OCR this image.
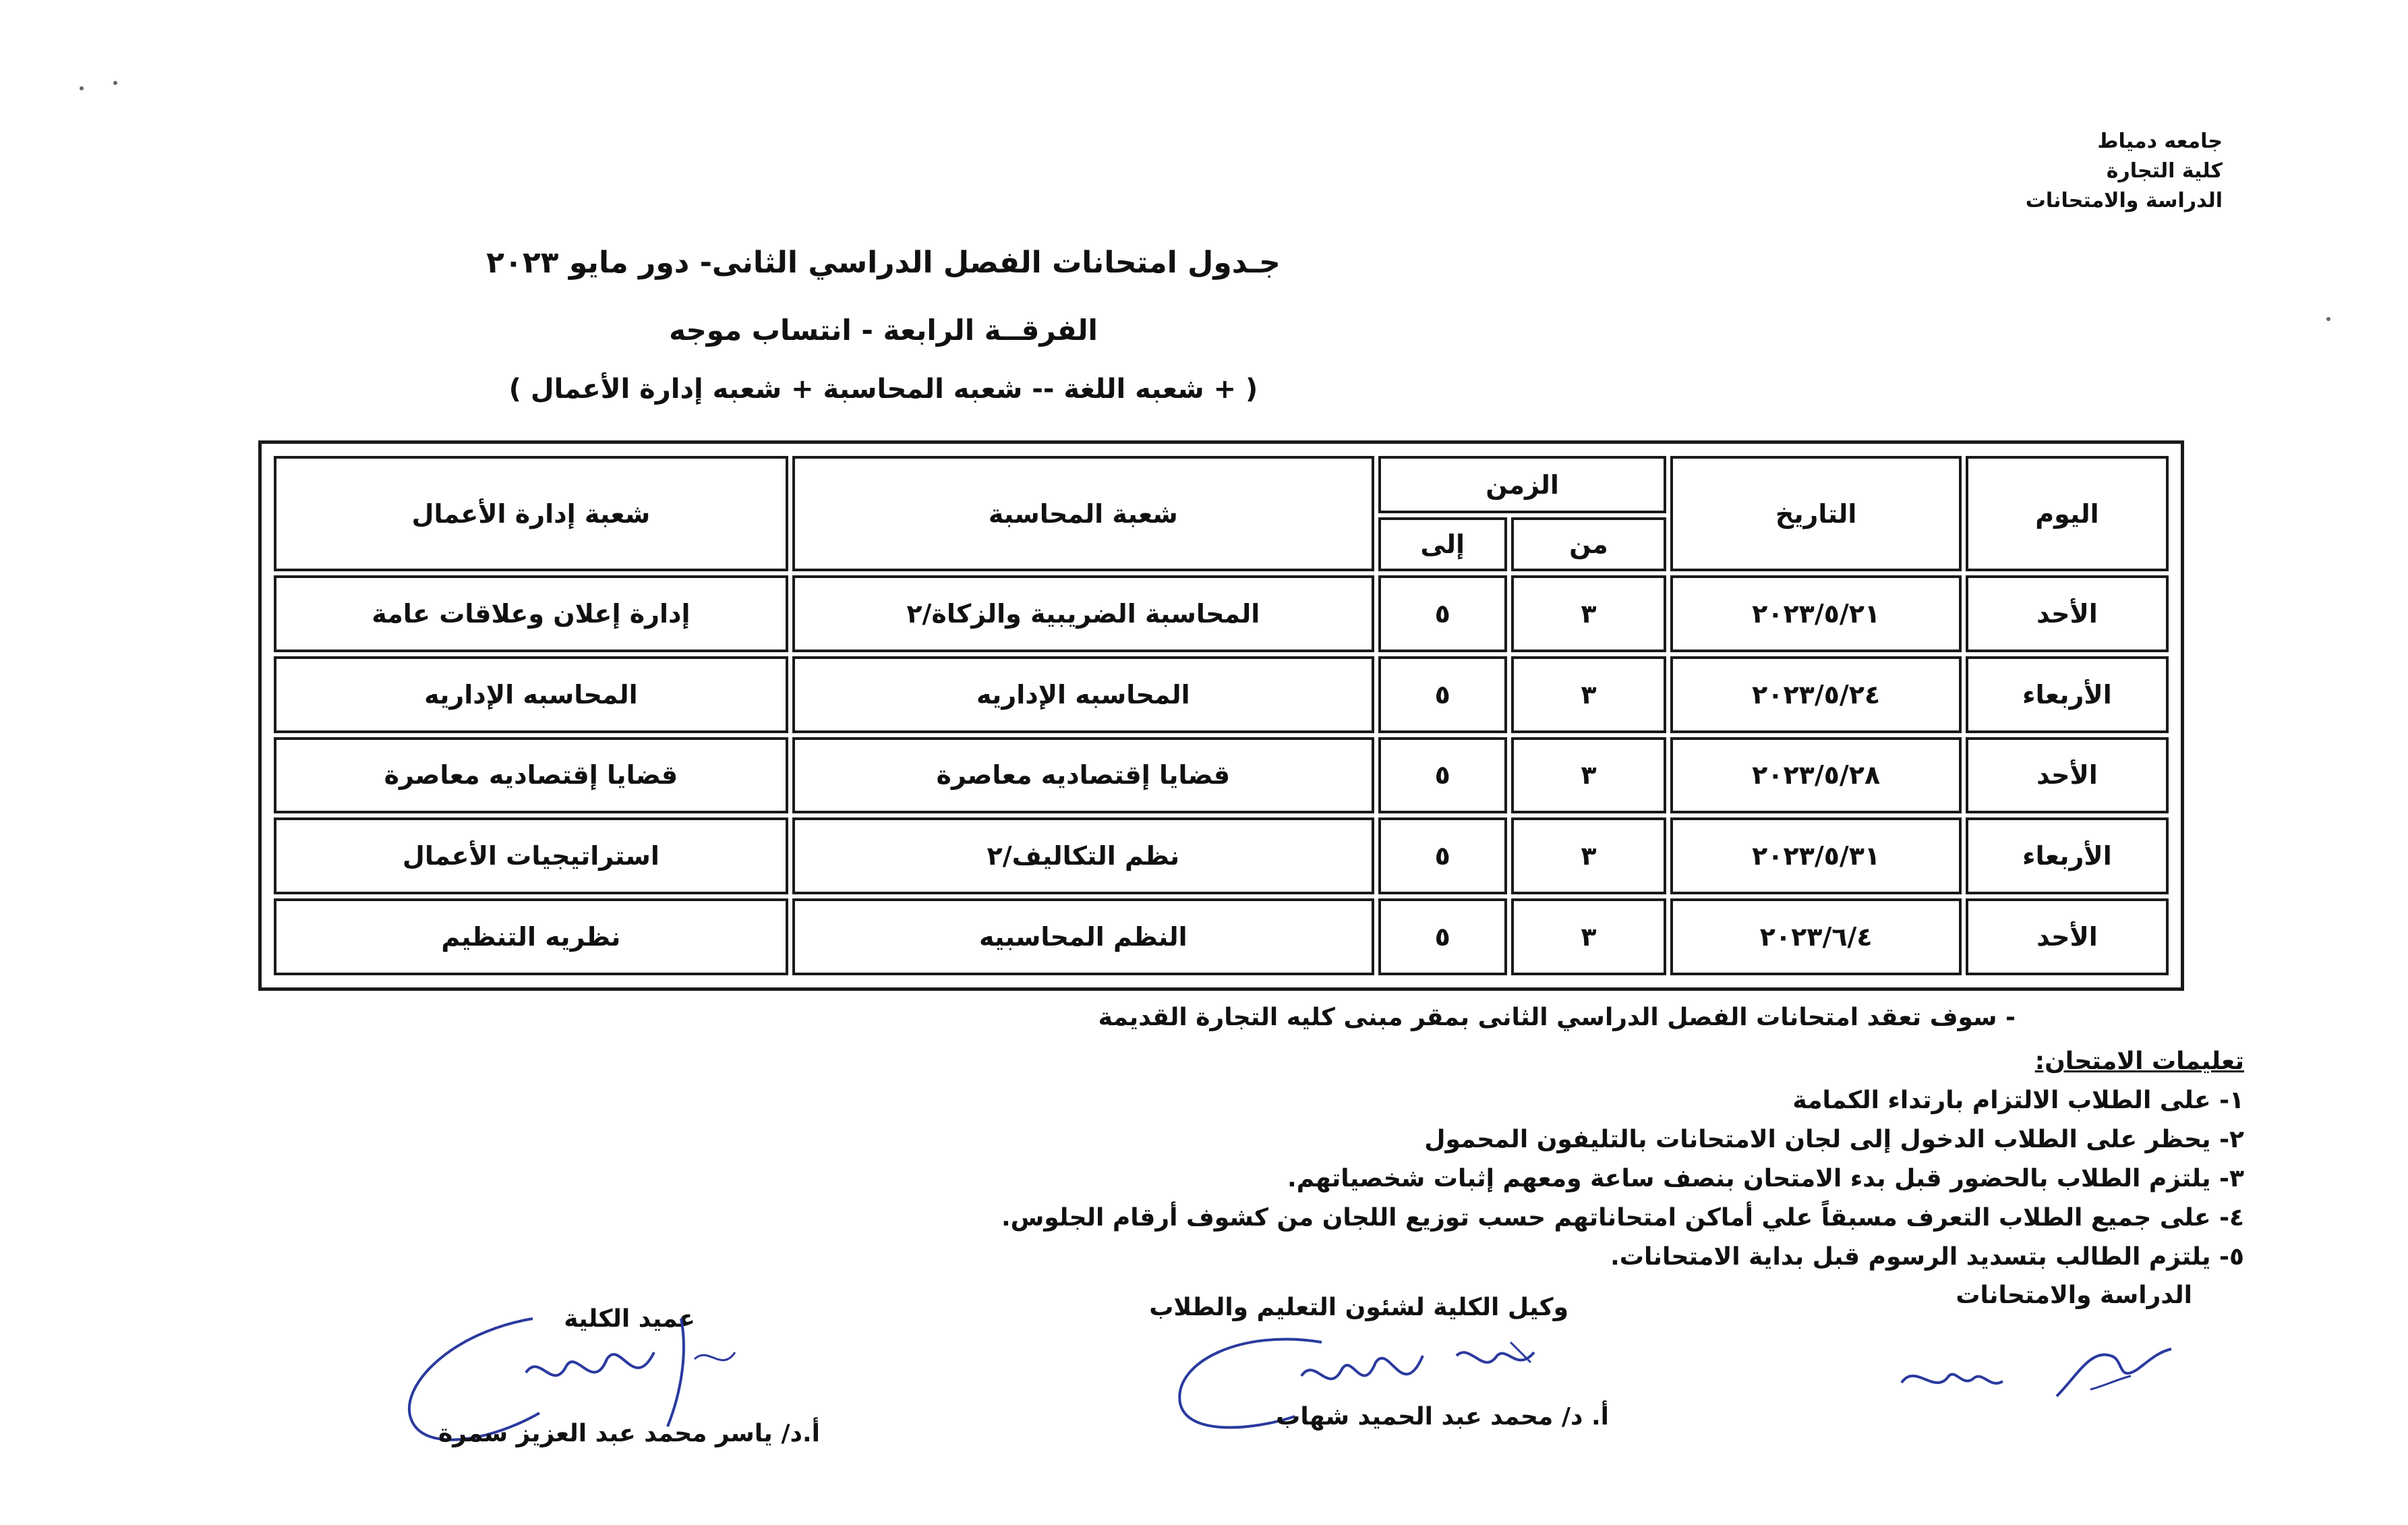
جامعه دمياط
كلية التجارة
الدراسة والامتحانات
جـدول امتحانات الفصل الدراسي الثانى- دور مايو ٢٠٢٣
الفرقــة الرابعة - انتساب موجه
( + شعبه اللغة -- شعبه المحاسبة + شعبه إدارة الأعمال )
اليوم	التاريخ	الزمن		شعبة المحاسبة	شعبة إدارة الأعمال
		من	إلى		
الأحد	٢٠٢٣/٥/٢١	٣	٥	المحاسبة الضريبية والزكاة/٢	إدارة إعلان وعلاقات عامة
الأربعاء	٢٠٢٣/٥/٢٤	٣	٥	المحاسبه الإداريه	المحاسبه الإداريه
الأحد	٢٠٢٣/٥/٢٨	٣	٥	قضايا إقتصاديه معاصرة	قضايا إقتصاديه معاصرة
الأربعاء	٢٠٢٣/٥/٣١	٣	٥	نظم التكاليف/٢	استراتيجيات الأعمال
الأحد	٢٠٢٣/٦/٤	٣	٥	النظم المحاسبيه	نظريه التنظيم
- سوف تعقد امتحانات الفصل الدراسي الثانى بمقر مبنى كليه التجارة القديمة
تعليمات الامتحان:
١- على الطلاب الالتزام بارتداء الكمامة
٢- يحظر على الطلاب الدخول إلى لجان الامتحانات بالتليفون المحمول
٣- يلتزم الطلاب بالحضور قبل بدء الامتحان بنصف ساعة ومعهم إثبات شخصياتهم.
٤- على جميع الطلاب التعرف مسبقاً علي أماكن امتحاناتهم حسب توزيع اللجان من كشوف أرقام الجلوس.
٥- يلتزم الطالب بتسديد الرسوم قبل بداية الامتحانات.
الدراسة والامتحانات
وكيل الكلية لشئون التعليم والطلاب
أ. د/ محمد عبد الحميد شهاب
عميد الكلية
أ.د/ ياسر محمد عبد العزيز سمرة
